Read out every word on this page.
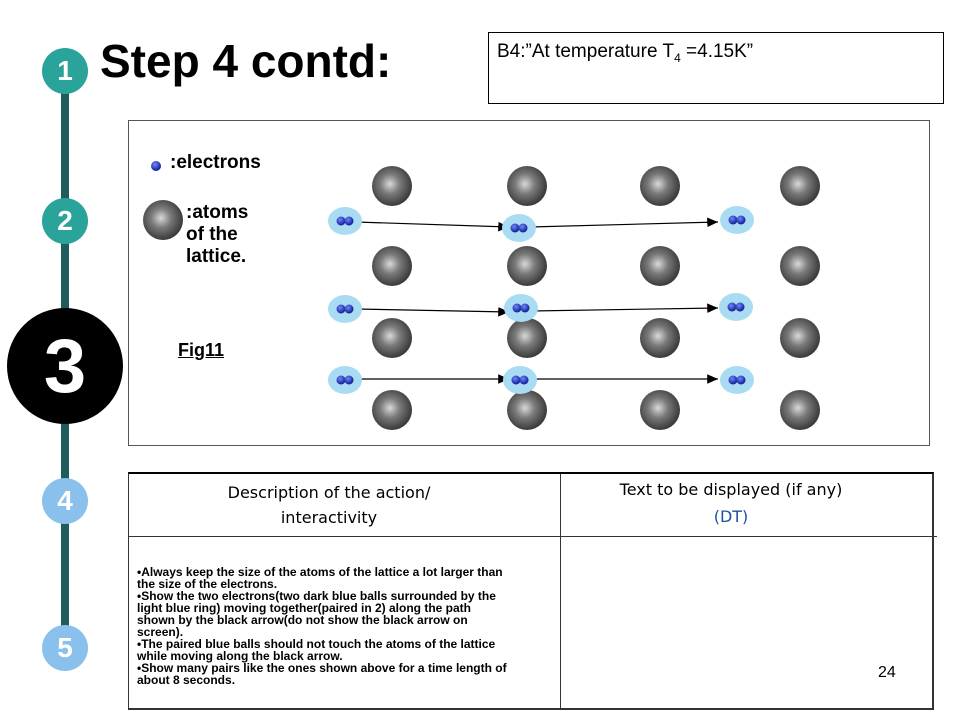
1
2
3
4
5
Step 4 contd:	B4:”At temperature $T_4 =4.15K$”
:electrons
:atoms
of the
lattice.
Fig11
Description of the action/
interactivity
Text to be displayed (if any)
(DT)

•Always keep the size of the atoms of the lattice a lot larger than the size of the electrons.

•Show the two electrons(two dark blue balls surrounded by the light blue ring) moving together(paired in 2) along the path shown by the black arrow(do not show the black arrow on screen).

•The paired blue balls should not touch the atoms of the lattice while moving along the black arrow.

•Show many pairs like the ones shown above for a time length of about 8 seconds.	24
